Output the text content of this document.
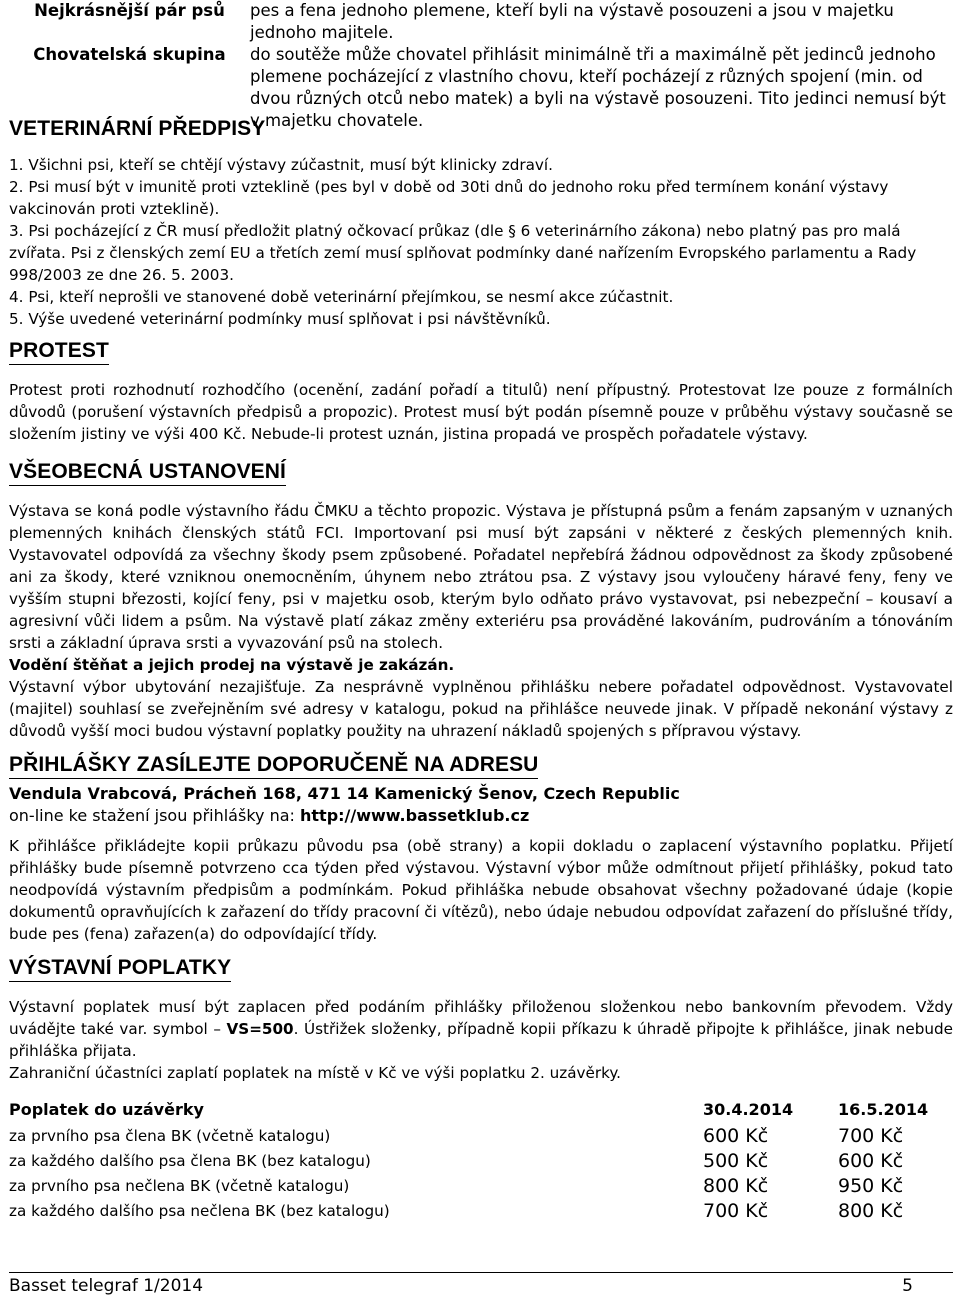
Nejkrásnější pár psů	pes a fena jednoho plemene, kteří byli na výstavě posouzeni a jsou v majetku jednoho majitele.
Chovatelská skupina	do soutěže může chovatel přihlásit minimálně tři a maximálně pět jedinců jednoho plemene pocházející z vlastního chovu, kteří pocházejí z různých spojení (min. od dvou různých otců nebo matek) a byli na výstavě posouzeni. Tito jedinci nemusí být v majetku chovatele.
VETERINÁRNÍ PŘEDPISY
1. Všichni psi, kteří se chtějí výstavy zúčastnit, musí být klinicky zdraví.
2. Psi musí být v imunitě proti vzteklině (pes byl v době od 30ti dnů do jednoho roku před termínem konání výstavy vakcinován proti vzteklině).
3. Psi pocházející z ČR musí předložit platný očkovací průkaz (dle § 6 veterinárního zákona) nebo platný pas pro malá zvířata. Psi z členských zemí EU a třetích zemí musí splňovat podmínky dané nařízením Evropského parlamentu a Rady 998/2003 ze dne 26. 5. 2003.
4. Psi, kteří neprošli ve stanovené době veterinární přejímkou, se nesmí akce zúčastnit.
5. Výše uvedené veterinární podmínky musí splňovat i psi návštěvníků.
PROTEST

Protest proti rozhodnutí rozhodčího (ocenění, zadání pořadí a titulů) není přípustný. Protestovat lze pouze z formálních důvodů (porušení výstavních předpisů a propozic). Protest musí být podán písemně pouze v průběhu výstavy současně se složením jistiny ve výši 400 Kč. Nebude-li protest uznán, jistina propadá ve prospěch pořadatele výstavy.

VŠEOBECNÁ USTANOVENÍ

Výstava se koná podle výstavního řádu ČMKU a těchto propozic. Výstava je přístupná psům a fenám zapsaným v uznaných plemenných knihách členských států FCI. Importovaní psi musí být zapsáni v některé z českých plemenných knih. Vystavovatel odpovídá za všechny škody psem způsobené. Pořadatel nepřebírá žádnou odpovědnost za škody způsobené ani za škody, které vzniknou onemocněním, úhynem nebo ztrátou psa. Z výstavy jsou vyloučeny háravé feny, feny ve vyšším stupni březosti, kojící feny, psi v majetku osob, kterým bylo odňato právo vystavovat, psi nebezpeční – kousaví a agresivní vůči lidem a psům. Na výstavě platí zákaz změny exteriéru psa prováděné lakováním, pudrováním a tónováním srsti a základní úprava srsti a vyvazování psů na stolech.

Vodění štěňat a jejich prodej na výstavě je zakázán.

Výstavní výbor ubytování nezajišťuje. Za nesprávně vyplněnou přihlášku nebere pořadatel odpovědnost. Vystavovatel (majitel) souhlasí se zveřejněním své adresy v katalogu, pokud na přihlášce neuvede jinak. V případě nekonání výstavy z důvodů vyšší moci budou výstavní poplatky použity na uhrazení nákladů spojených s přípravou výstavy.

PŘIHLÁŠKY ZASÍLEJTE DOPORUČENĚ NA ADRESU

Vendula Vrabcová, Prácheň 168, 471 14 Kamenický Šenov, Czech Republic

on-line ke stažení jsou přihlášky na: http://www.bassetklub.cz

K přihlášce přikládejte kopii průkazu původu psa (obě strany) a kopii dokladu o zaplacení výstavního poplatku. Přijetí přihlášky bude písemně potvrzeno cca týden před výstavou. Výstavní výbor může odmítnout přijetí přihlášky, pokud tato neodpovídá výstavním předpisům a podmínkám. Pokud přihláška nebude obsahovat všechny požadované údaje (kopie dokumentů opravňujících k zařazení do třídy pracovní či vítězů), nebo údaje nebudou odpovídat zařazení do příslušné třídy, bude pes (fena) zařazen(a) do odpovídající třídy.

VÝSTAVNÍ POPLATKY

Výstavní poplatek musí být zaplacen před podáním přihlášky přiloženou složenkou nebo bankovním převodem. Vždy uvádějte také var. symbol – VS=500. Ústřižek složenky, případně kopii příkazu k úhradě připojte k přihlášce, jinak nebude přihláška přijata.

Zahraniční účastníci zaplatí poplatek na místě v Kč ve výši poplatku 2. uzávěrky.

Poplatek do uzávěrky	30.4.2014	16.5.2014
za prvního psa člena BK (včetně katalogu)	600 Kč	700 Kč
za každého dalšího psa člena BK (bez katalogu)	500 Kč	600 Kč
za prvního psa nečlena BK (včetně katalogu)	800 Kč	950 Kč
za každého dalšího psa nečlena BK (bez katalogu)	700 Kč	800 Kč
Basset telegraf 1/2014	5
